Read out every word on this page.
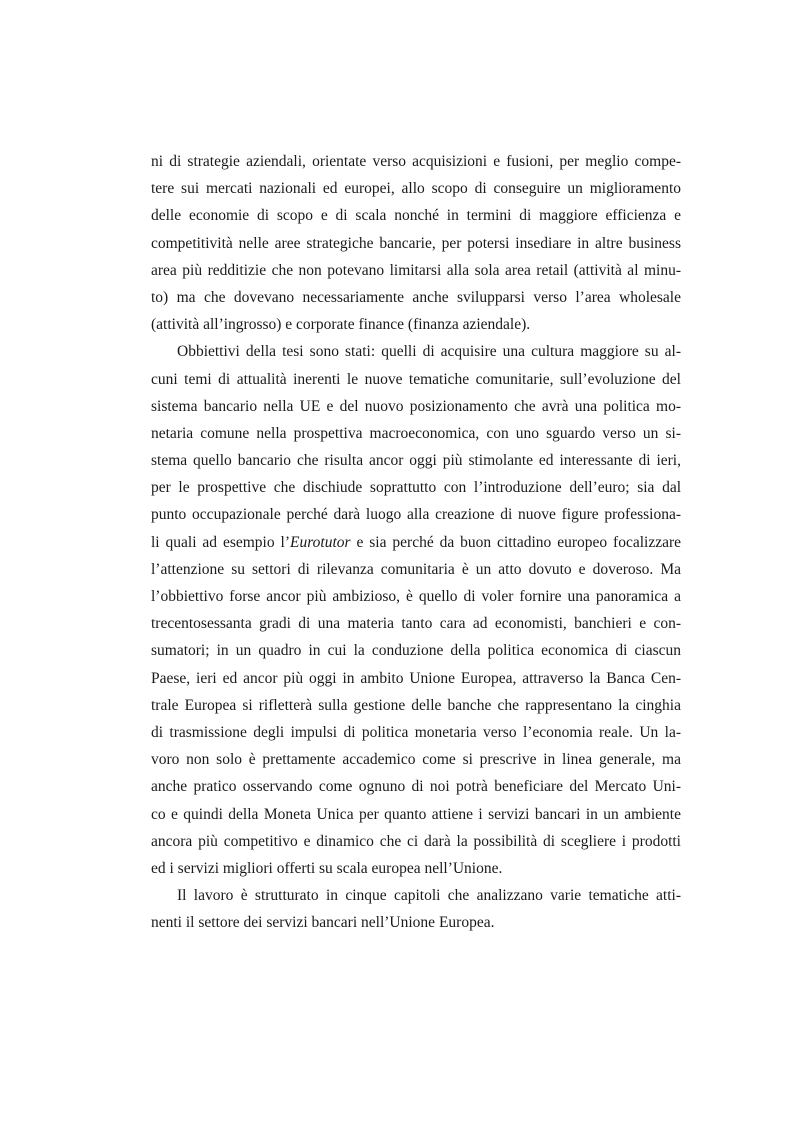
ni di strategie aziendali, orientate verso acquisizioni e fusioni, per meglio compe-
tere sui mercati nazionali ed europei, allo scopo di conseguire un miglioramento
delle economie di scopo e di scala nonché in termini di maggiore efficienza e
competitività nelle aree strategiche bancarie, per potersi insediare in altre business
area più redditizie che non potevano limitarsi alla sola area retail (attività al minu-
to) ma che dovevano necessariamente anche svilupparsi verso l’area wholesale
(attività all’ingrosso) e corporate finance (finanza aziendale).
Obbiettivi della tesi sono stati: quelli di acquisire una cultura maggiore su al-
cuni temi di attualità inerenti le nuove tematiche comunitarie, sull’evoluzione del
sistema bancario nella UE e del nuovo posizionamento che avrà una politica mo-
netaria comune nella prospettiva macroeconomica, con uno sguardo verso un si-
stema quello bancario che risulta ancor oggi più stimolante ed interessante di ieri,
per le prospettive che dischiude soprattutto con l’introduzione dell’euro; sia dal
punto occupazionale perché darà luogo alla creazione di nuove figure professiona-
li quali ad esempio l’Eurotutor e sia perché da buon cittadino europeo focalizzare
l’attenzione su settori di rilevanza comunitaria è un atto dovuto e doveroso. Ma
l’obbiettivo forse ancor più ambizioso, è quello di voler fornire una panoramica a
trecentosessanta gradi di una materia tanto cara ad economisti, banchieri e con-
sumatori; in un quadro in cui la conduzione della politica economica di ciascun
Paese, ieri ed ancor più oggi in ambito Unione Europea, attraverso la Banca Cen-
trale Europea si rifletterà sulla gestione delle banche che rappresentano la cinghia
di trasmissione degli impulsi di politica monetaria verso l’economia reale. Un la-
voro non solo è prettamente accademico come si prescrive in linea generale, ma
anche pratico osservando come ognuno di noi potrà beneficiare del Mercato Uni-
co e quindi della Moneta Unica per quanto attiene i servizi bancari in un ambiente
ancora più competitivo e dinamico che ci darà la possibilità di scegliere i prodotti
ed i servizi migliori offerti su scala europea nell’Unione.
Il lavoro è strutturato in cinque capitoli che analizzano varie tematiche atti-
nenti il settore dei servizi bancari nell’Unione Europea.
